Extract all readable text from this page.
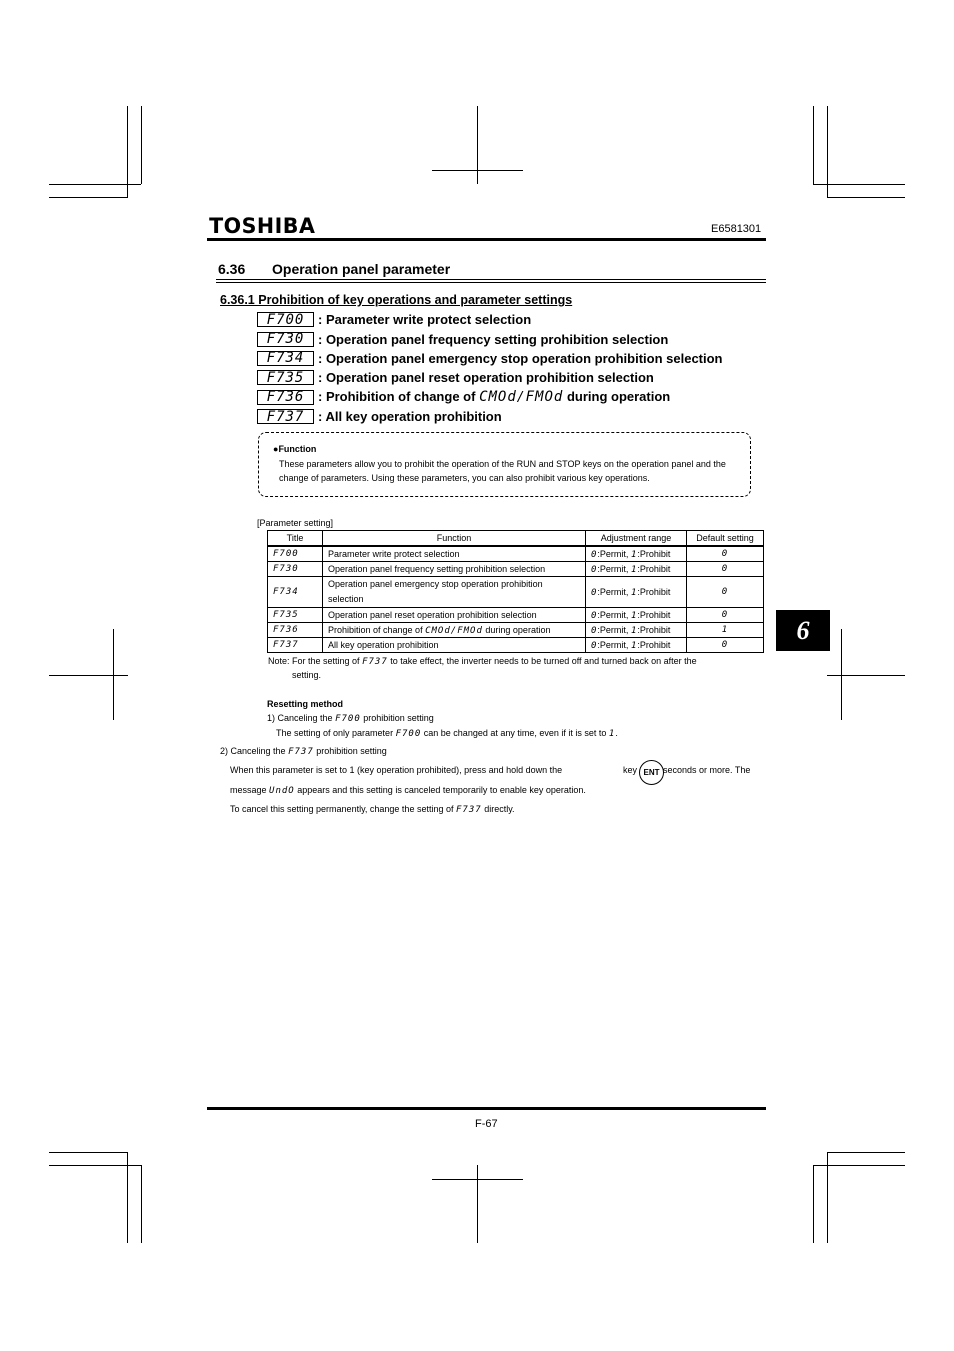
TOSHIBA	E6581301
6.36 Operation panel parameter
6.36.1 Prohibition of key operations and parameter settings
F700	: Parameter write protect selection
F730	: Operation panel frequency setting prohibition selection
F734	: Operation panel emergency stop operation prohibition selection
F735	: Operation panel reset operation prohibition selection
F736	: Prohibition of change of CMOd/FMOd during operation
F737	: All key operation prohibition
●Function
These parameters allow you to prohibit the operation of the RUN and STOP keys on the operation panel and the change of parameters. Using these parameters, you can also prohibit various key operations.
[Parameter setting]
Title	Function	Adjustment range	Default setting
F700	Parameter write protect selection	0:Permit, 1:Prohibit	0
F730	Operation panel frequency setting prohibition selection	0:Permit, 1:Prohibit	0
F734	Operation panel emergency stop operation prohibition selection	0:Permit, 1:Prohibit	0
F735	Operation panel reset operation prohibition selection	0:Permit, 1:Prohibit	0
F736	Prohibition of change of CMOd/FMOd during operation	0:Permit, 1:Prohibit	1
F737	All key operation prohibition	0:Permit, 1:Prohibit	0
6
Note: For the setting of F737 to take effect, the inverter needs to be turned off and turned back on after the
setting.
Resetting method
1) Canceling the F700 prohibition setting
The setting of only parameter F700 can be changed at any time, even if it is set to 1.
2) Canceling the F737 prohibition setting
When this parameter is set to 1 (key operation prohibited), press and hold down the	key ENT seconds or more. The
message UndO appears and this setting is canceled temporarily to enable key operation.
To cancel this setting permanently, change the setting of F737 directly.
F-67
